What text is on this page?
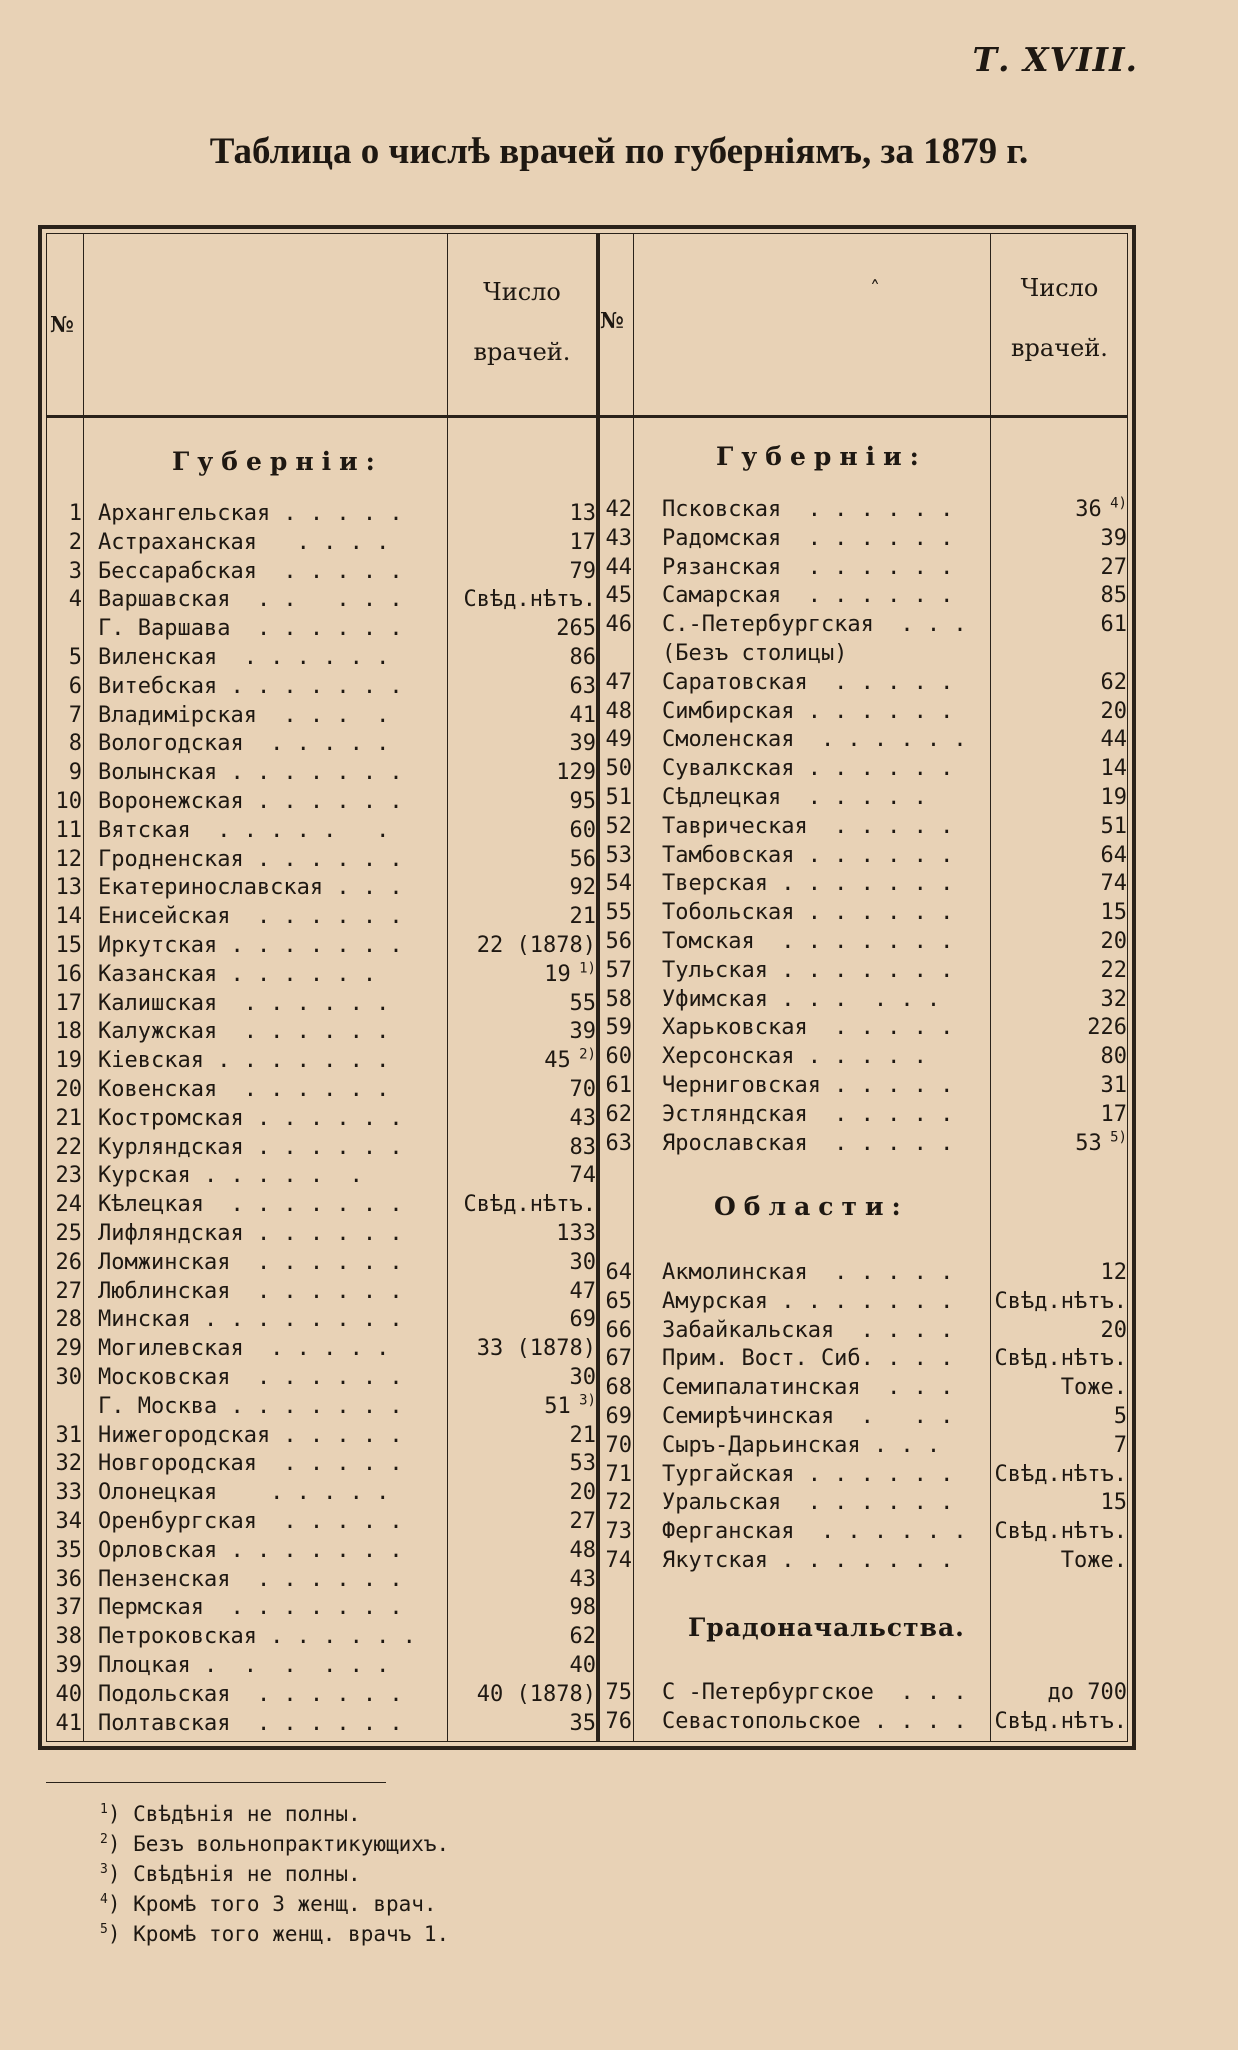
Т. XVIII.
Таблица о числѣ врачей по губерніямъ, за 1879 г.
№
Число
врачей.
№
˄	Число
врачей.
Губерніи:	Губерніи:
Области:
Градоначальства.
1 Архангельская . . . . .	13
2 Астраханская   . . . .	17
3 Бессарабская  . . . . .	79
4 Варшавская  . .   . . .	Свѣд.нѣтъ.
Г. Варшава  . . . . . .	265
5 Виленская  . . . . . .	86
6 Витебская . . . . . . .	63
7 Владимірская  . . .  .	41
8 Вологодская  . . . . .	39
9 Волынская . . . . . . .	129
10 Воронежская . . . . . .	95
11 Вятская  . . . . .   .	60
12 Гродненская . . . . . .	56
13 Екатеринославская . . .	92
14 Енисейская  . . . . . .	21
15 Иркутская . . . . . . .	22 (1878)
16 Казанская . . . . . .	19 $^{1)}$
17 Калишская  . . . . . .	55
18 Калужская  . . . . . .	39
19 Кіевская . . . . . . .	45 $^{2)}$
20 Ковенская  . . . . . .	70
21 Костромская . . . . . .	43
22 Курляндская . . . . . .	83
23 Курская . . . . .  .	74
24 Кѣлецкая  . . . . . . .	Свѣд.нѣтъ.
25 Лифляндская . . . . . .	133
26 Ломжинская  . . . . . .	30
27 Люблинская  . . . . . .	47
28 Минская . . . . . . . .	69
29 Могилевская  . . . . .	33 (1878)
30 Московская  . . . . . .	30
Г. Москва . . . . . . .	51 $^{3)}$
31 Нижегородская . . . . .	21
32 Новгородская  . . . . .	53
33 Олонецкая    . . . . .	20
34 Оренбургская  . . . . .	27
35 Орловская . . . . . . .	48
36 Пензенская  . . . . . .	43
37 Пермская  . . . . . . .	98
38 Петроковская . . . . . .	62
39 Плоцкая .  .  .  . . .	40
40 Подольская  . . . . . .	40 (1878)
41 Полтавская  . . . . . .	35
42 Псковская  . . . . . .	36 $^{4)}$
43 Радомская  . . . . . .	39
44 Рязанская  . . . . . .	27
45 Самарская  . . . . . .	85
46 С.-Петербургская  . . .	61
(Безъ столицы)
47 Саратовская  . . . . .	62
48 Симбирская . . . . . .	20
49 Смоленская  . . . . . .	44
50 Сувалкская . . . . . .	14
51 Сѣдлецкая  . . . . .	19
52 Таврическая  . . . . .	51
53 Тамбовская . . . . . .	64
54 Тверская . . . . . . .	74
55 Тобольская . . . . . .	15
56 Томская  . . . . . . .	20
57 Тульская . . . . . . .	22
58 Уфимская . . .  . . .	32
59 Харьковская  . . . . .	226
60 Херсонская . . . . .	80
61 Черниговская . . . . .	31
62 Эстляндская  . . . . .	17
63 Ярославская  . . . . .	53 $^{5)}$
64 Акмолинская  . . . . .	12
65 Амурская . . . . . . . Свѣд.нѣтъ.
66 Забайкальская  . . . .	20
67 Прим. Вост. Сиб. . . . Свѣд.нѣтъ.
68 Семипалатинская  . . .	Тоже.
69 Семирѣчинская  .   . .	5
70 Сыръ-Дарьинская . . .	7
71 Тургайская . . . . . . Свѣд.нѣтъ.
72 Уральская  . . . . . .	15
73 Ферганская  . . . . . . Свѣд.нѣтъ.
74 Якутская . . . . . . .	Тоже.
75 С -Петербургское  . . .	до 700
76 Севастопольское . . . . Свѣд.нѣтъ.
$^1$) Свѣдѣнія не полны.
$^2$) Безъ вольнопрактикующихъ.
$^3$) Свѣдѣнія не полны.
$^4$) Кромѣ того 3 женщ. врач.
$^5$) Кромѣ того женщ. врачъ 1.
